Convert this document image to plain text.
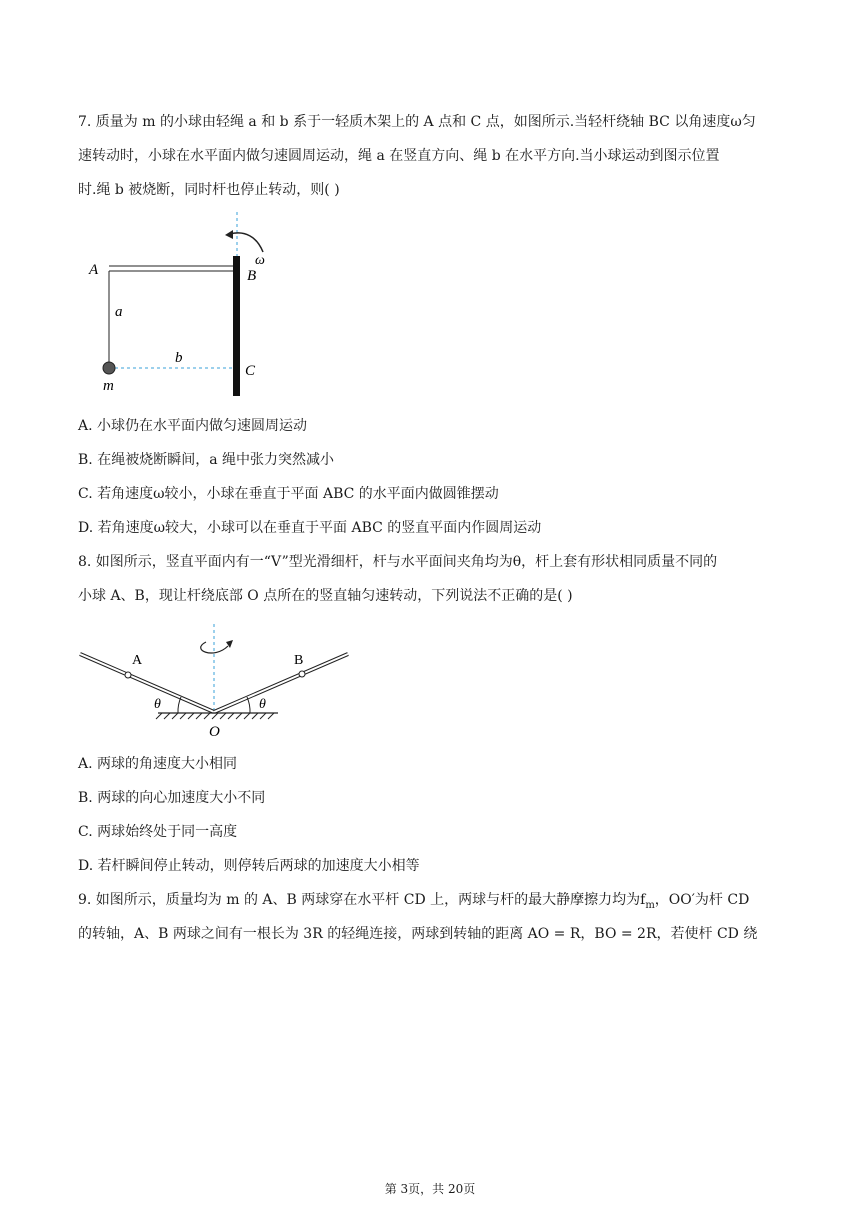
7. 质量为 m 的小球由轻绳 a 和 b 系于一轻质木架上的 A 点和 C 点，如图所示.当轻杆绕轴 BC 以角速度ω匀
速转动时，小球在水平面内做匀速圆周运动，绳 a 在竖直方向、绳 b 在水平方向.当小球运动到图示位置
时.绳 b 被烧断，同时杆也停止转动，则( )
A	B
C
a
b
m
ω
A. 小球仍在水平面内做匀速圆周运动
B. 在绳被烧断瞬间，a 绳中张力突然减小
C. 若角速度ω较小，小球在垂直于平面 ABC 的水平面内做圆锥摆动
D. 若角速度ω较大，小球可以在垂直于平面 ABC 的竖直平面内作圆周运动
8. 如图所示，竖直平面内有一“V”型光滑细杆，杆与水平面间夹角均为θ，杆上套有形状相同质量不同的
小球 A、B，现让杆绕底部 O 点所在的竖直轴匀速转动，下列说法不正确的是( )
A	B
O
θ	θ
A. 两球的角速度大小相同
B. 两球的向心加速度大小不同
C. 两球始终处于同一高度
D. 若杆瞬间停止转动，则停转后两球的加速度大小相等
9. 如图所示，质量均为 m 的 A、B 两球穿在水平杆 CD 上，两球与杆的最大静摩擦力均为$f_m$，OO′为杆 CD
的转轴，A、B 两球之间有一根长为 3R 的轻绳连接，两球到转轴的距离 AO = R，BO = 2R，若使杆 CD 绕
第 3页，共 20页
